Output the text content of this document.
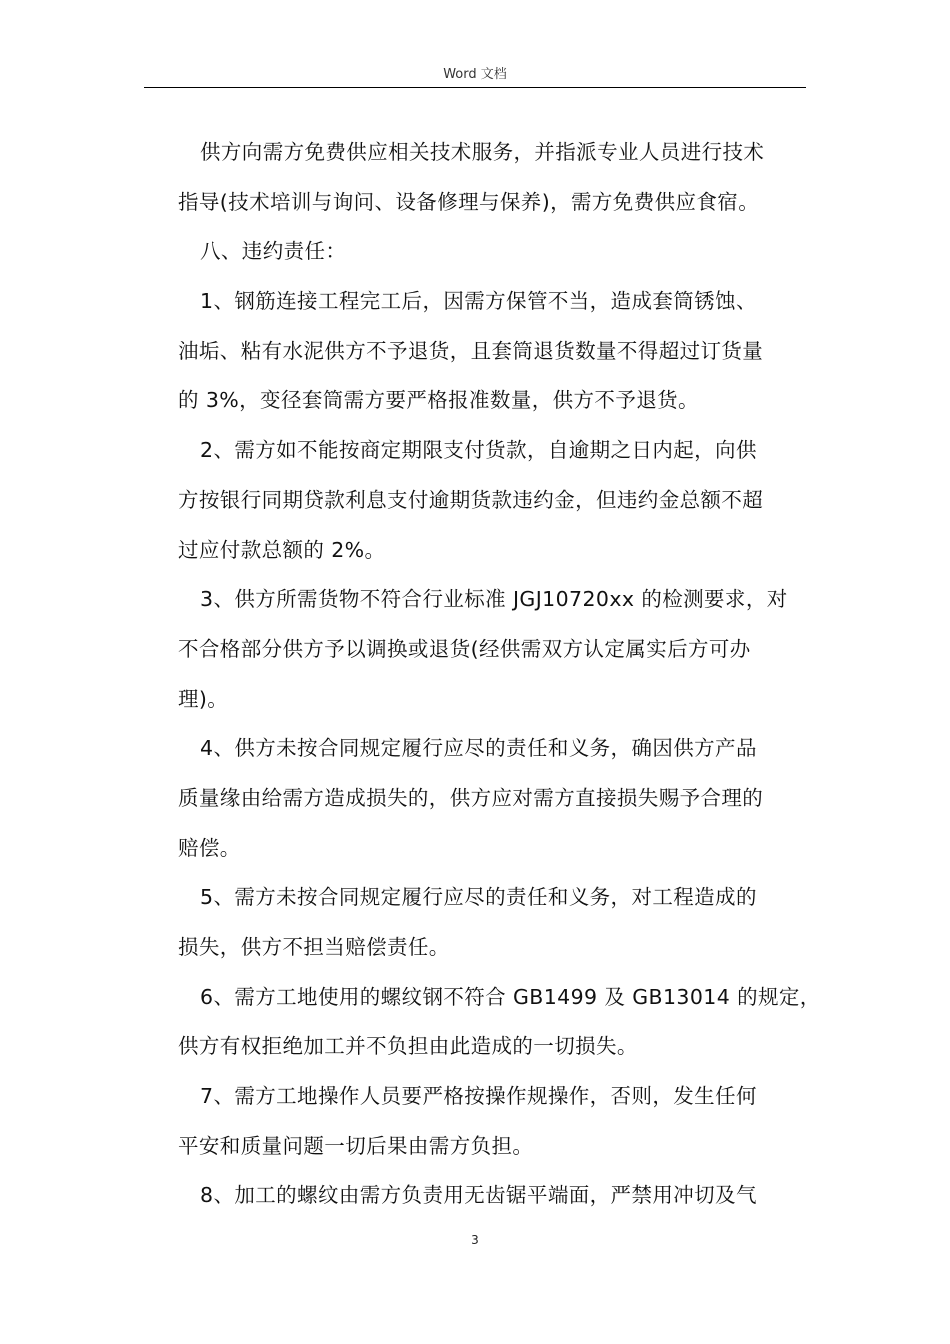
Word 文档
供方向需方免费供应相关技术服务，并指派专业人员进行技术
指导(技术培训与询问、设备修理与保养)，需方免费供应食宿。
八、违约责任：
1、钢筋连接工程完工后，因需方保管不当，造成套筒锈蚀、
油垢、粘有水泥供方不予退货，且套筒退货数量不得超过订货量
的 3%，变径套筒需方要严格报准数量，供方不予退货。
2、需方如不能按商定期限支付货款，自逾期之日内起，向供
方按银行同期贷款利息支付逾期货款违约金，但违约金总额不超
过应付款总额的 2%。
3、供方所需货物不符合行业标准 JGJ10720xx 的检测要求，对
不合格部分供方予以调换或退货(经供需双方认定属实后方可办
理)。
4、供方未按合同规定履行应尽的责任和义务，确因供方产品
质量缘由给需方造成损失的，供方应对需方直接损失赐予合理的
赔偿。
5、需方未按合同规定履行应尽的责任和义务，对工程造成的
损失，供方不担当赔偿责任。
6、需方工地使用的螺纹钢不符合 GB1499 及 GB13014 的规定，
供方有权拒绝加工并不负担由此造成的一切损失。
7、需方工地操作人员要严格按操作规操作，否则，发生任何
平安和质量问题一切后果由需方负担。
8、加工的螺纹由需方负责用无齿锯平端面，严禁用冲切及气
3
